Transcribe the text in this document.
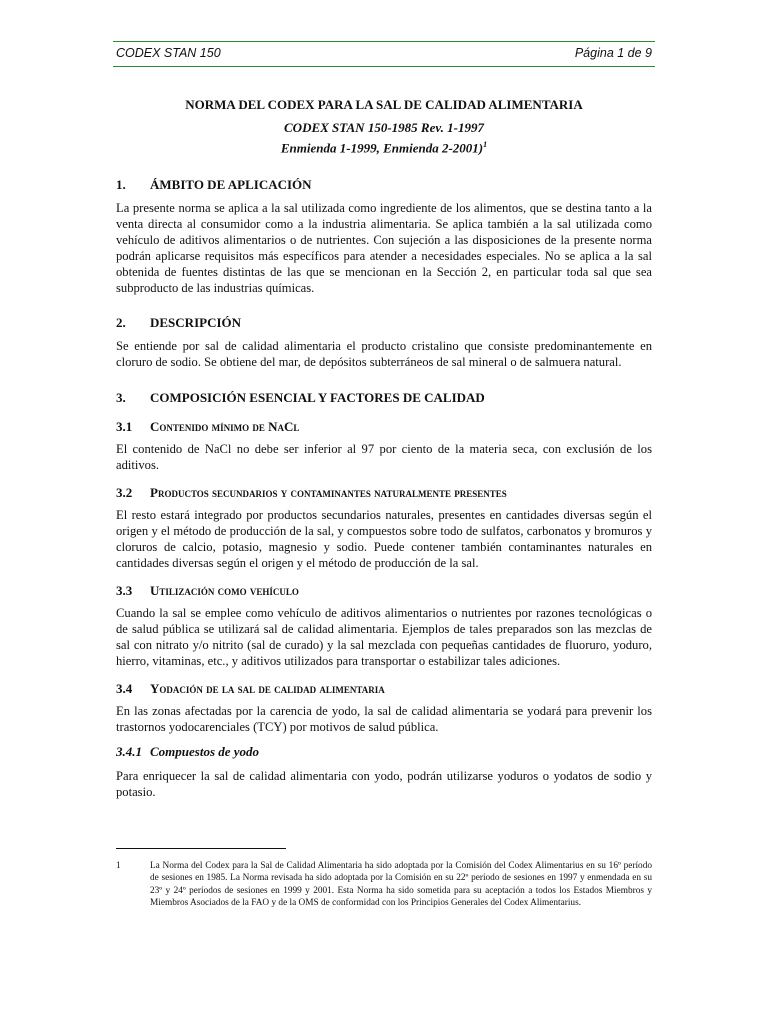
CODEX STAN 150	Página 1 de 9

NORMA DEL CODEX PARA LA SAL DE CALIDAD ALIMENTARIA

CODEX STAN 150-1985 Rev. 1-1997
Enmienda 1-1999, Enmienda 2-2001)$^1$

1.	ÁMBITO DE APLICACIÓN

La presente norma se aplica a la sal utilizada como ingrediente de los alimentos, que se destina tanto a la venta directa al consumidor como a la industria alimentaria. Se aplica también a la sal utilizada como vehículo de aditivos alimentarios o de nutrientes. Con sujeción a las disposiciones de la presente norma podrán aplicarse requisitos más específicos para atender a necesidades especiales. No se aplica a la sal obtenida de fuentes distintas de las que se mencionan en la Sección 2, en particular toda sal que sea subproducto de las industrias químicas.

2.	DESCRIPCIÓN

Se entiende por sal de calidad alimentaria el producto cristalino que consiste predominantemente en cloruro de sodio. Se obtiene del mar, de depósitos subterráneos de sal mineral o de salmuera natural.

3.	COMPOSICIÓN ESENCIAL Y FACTORES DE CALIDAD

3.1	Contenido mínimo de NaCl

El contenido de NaCl no debe ser inferior al 97 por ciento de la materia seca, con exclusión de los aditivos.

3.2	Productos secundarios y contaminantes naturalmente presentes

El resto estará integrado por productos secundarios naturales, presentes en cantidades diversas según el origen y el método de producción de la sal, y compuestos sobre todo de sulfatos, carbonatos y bromuros y cloruros de calcio, potasio, magnesio y sodio. Puede contener también contaminantes naturales en cantidades diversas según el origen y el método de producción de la sal.

3.3	Utilización como vehículo

Cuando la sal se emplee como vehículo de aditivos alimentarios o nutrientes por razones tecnológicas o de salud pública se utilizará sal de calidad alimentaria. Ejemplos de tales preparados son las mezclas de sal con nitrato y/o nitrito (sal de curado) y la sal mezclada con pequeñas cantidades de fluoruro, yoduro, hierro, vitaminas, etc., y aditivos utilizados para transportar o estabilizar tales adiciones.

3.4	Yodación de la sal de calidad alimentaria

En las zonas afectadas por la carencia de yodo, la sal de calidad alimentaria se yodará para prevenir los trastornos yodocarenciales (TCY) por motivos de salud pública.

3.4.1 Compuestos de yodo

Para enriquecer la sal de calidad alimentaria con yodo, podrán utilizarse yoduros o yodatos de sodio y potasio.

1	La Norma del Codex para la Sal de Calidad Alimentaria ha sido adoptada por la Comisión del Codex Alimentarius en su 16º período de sesiones en 1985. La Norma revisada ha sido adoptada por la Comisión en su 22º período de sesiones en 1997 y enmendada en su 23º y 24º períodos de sesiones en 1999 y 2001. Esta Norma ha sido sometida para su aceptación a todos los Estados Miembros y Miembros Asociados de la FAO y de la OMS de conformidad con los Principios Generales del Codex Alimentarius.
